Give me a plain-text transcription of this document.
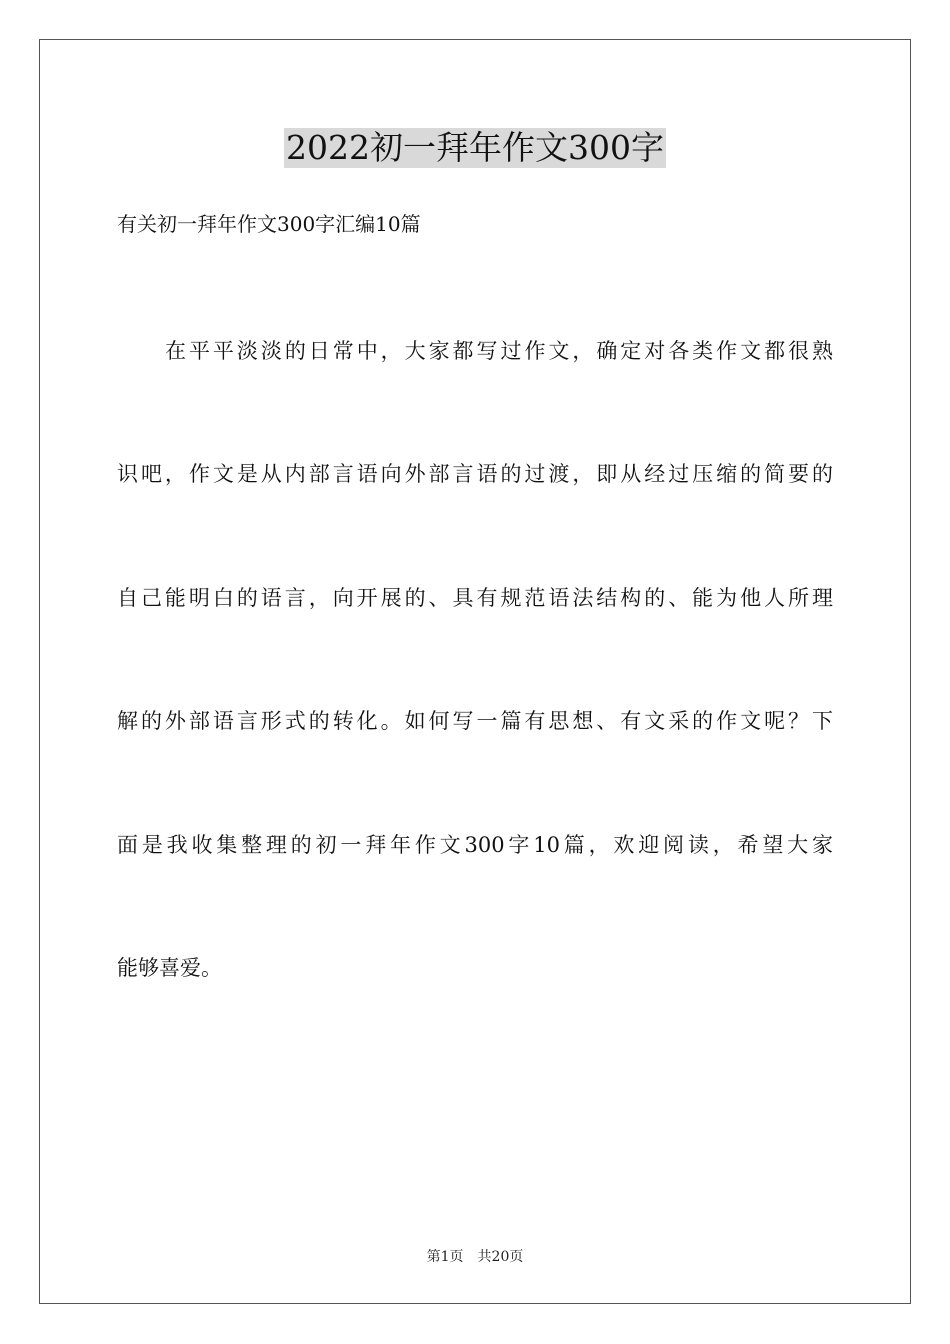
2022初一拜年作文300字
有关初一拜年作文300字汇编10篇
在平平淡淡的日常中，大家都写过作文，确定对各类作文都很熟
识吧，作文是从内部言语向外部言语的过渡，即从经过压缩的简要的
自己能明白的语言，向开展的、具有规范语法结构的、能为他人所理
解的外部语言形式的转化。如何写一篇有思想、有文采的作文呢？下
面是我收集整理的初一拜年作文300字10篇，欢迎阅读，希望大家
能够喜爱。
第1页 共20页
